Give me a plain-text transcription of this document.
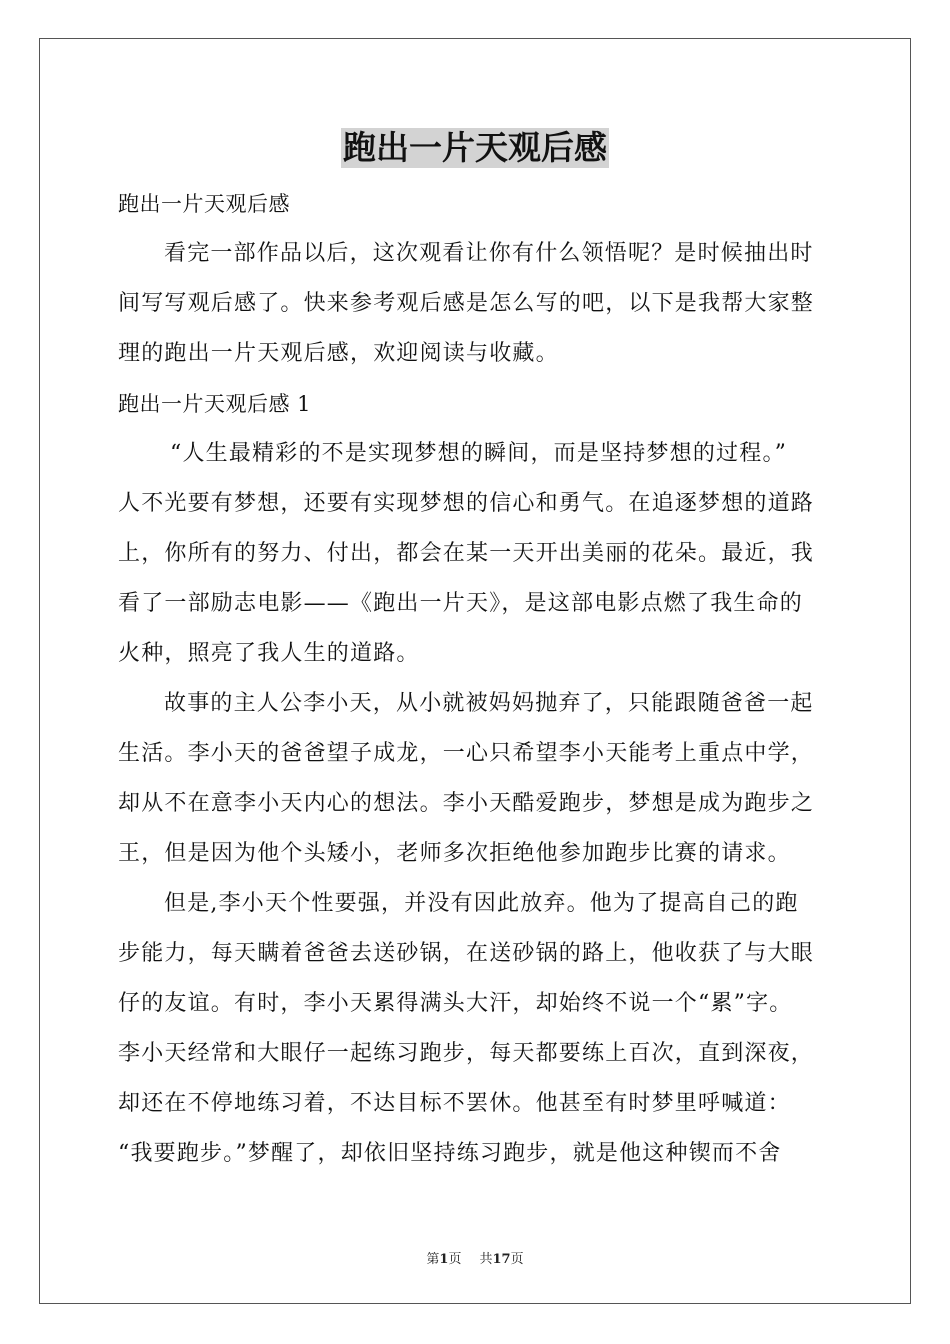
跑出一片天观后感
跑出一片天观后感
看完一部作品以后，这次观看让你有什么领悟呢？是时候抽出时
间写写观后感了。快来参考观后感是怎么写的吧，以下是我帮大家整
理的跑出一片天观后感，欢迎阅读与收藏。
跑出一片天观后感 1
“人生最精彩的不是实现梦想的瞬间，而是坚持梦想的过程。”
人不光要有梦想，还要有实现梦想的信心和勇气。在追逐梦想的道路
上，你所有的努力、付出，都会在某一天开出美丽的花朵。最近，我
看了一部励志电影——《跑出一片天》，是这部电影点燃了我生命的
火种，照亮了我人生的道路。
故事的主人公李小天，从小就被妈妈抛弃了，只能跟随爸爸一起
生活。李小天的爸爸望子成龙，一心只希望李小天能考上重点中学，
却从不在意李小天内心的想法。李小天酷爱跑步，梦想是成为跑步之
王，但是因为他个头矮小，老师多次拒绝他参加跑步比赛的请求。
但是,李小天个性要强，并没有因此放弃。他为了提高自己的跑
步能力，每天瞒着爸爸去送砂锅，在送砂锅的路上，他收获了与大眼
仔的友谊。有时，李小天累得满头大汗，却始终不说一个“累”字。
李小天经常和大眼仔一起练习跑步，每天都要练上百次，直到深夜，
却还在不停地练习着，不达目标不罢休。他甚至有时梦里呼喊道：
“我要跑步。”梦醒了，却依旧坚持练习跑步，就是他这种锲而不舍
第1页 共17页
